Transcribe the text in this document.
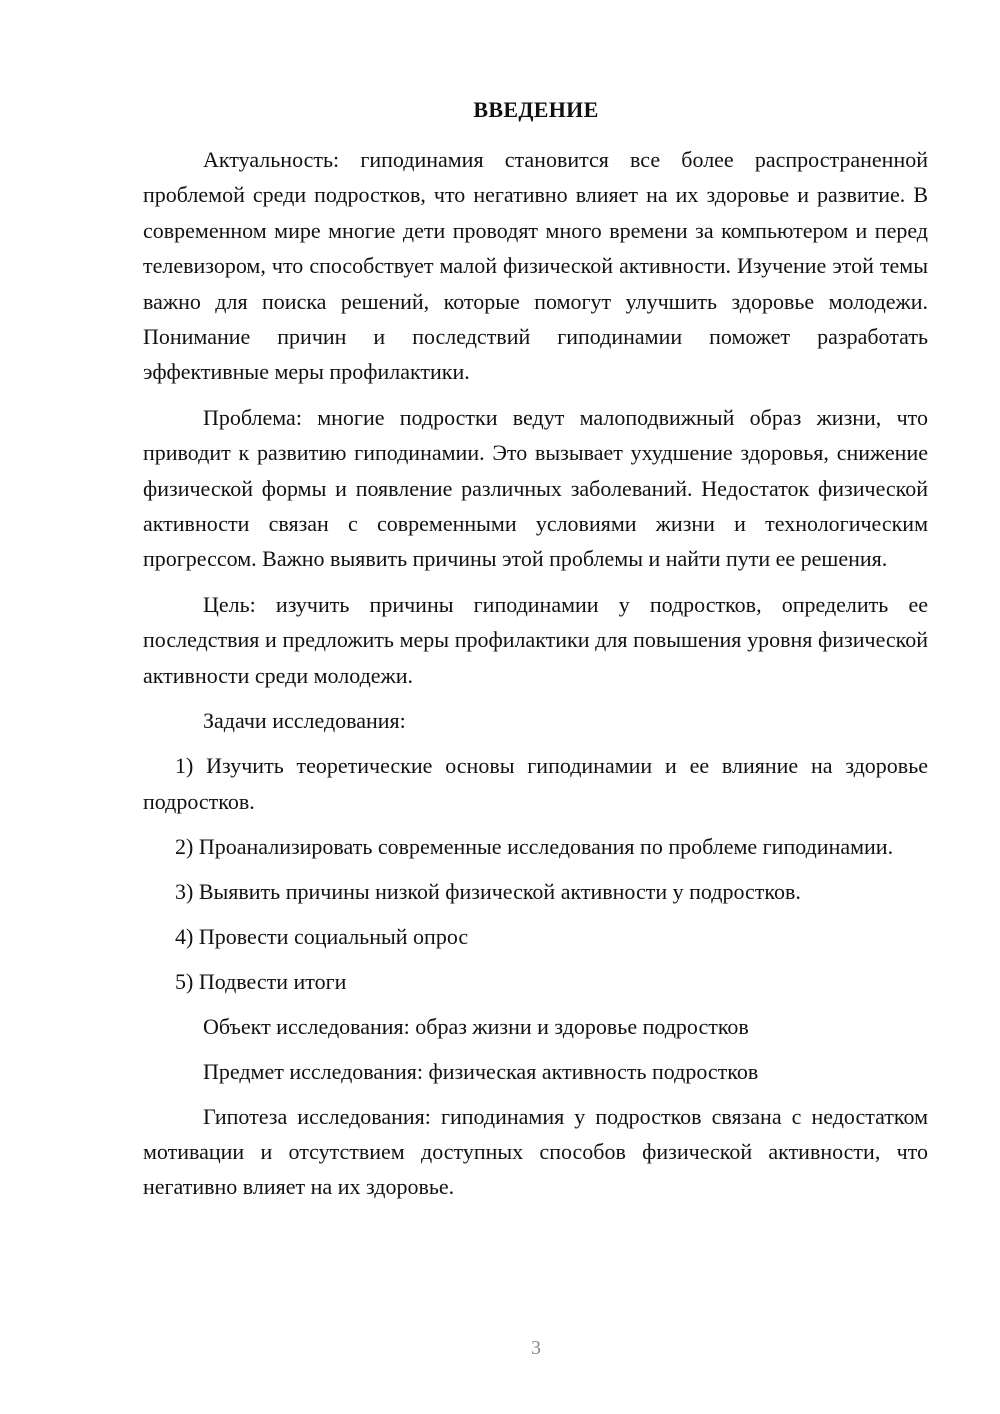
ВВЕДЕНИЕ

Актуальность: гиподинамия становится все более распространенной проблемой среди подростков, что негативно влияет на их здоровье и развитие. В современном мире многие дети проводят много времени за компьютером и перед телевизором, что способствует малой физической активности. Изучение этой темы важно для поиска решений, которые помогут улучшить здоровье молодежи. Понимание причин и последствий гиподинамии поможет разработать эффективные меры профилактики.

Проблема: многие подростки ведут малоподвижный образ жизни, что приводит к развитию гиподинамии. Это вызывает ухудшение здоровья, снижение физической формы и появление различных заболеваний. Недостаток физической активности связан с современными условиями жизни и технологическим прогрессом. Важно выявить причины этой проблемы и найти пути ее решения.

Цель: изучить причины гиподинамии у подростков, определить ее последствия и предложить меры профилактики для повышения уровня физической активности среди молодежи.

Задачи исследования:

1) Изучить теоретические основы гиподинамии и ее влияние на здоровье подростков.

2) Проанализировать современные исследования по проблеме гиподинамии.

3) Выявить причины низкой физической активности у подростков.

4) Провести социальный опрос

5) Подвести итоги

Объект исследования: образ жизни и здоровье подростков

Предмет исследования: физическая активность подростков

Гипотеза исследования: гиподинамия у подростков связана с недостатком мотивации и отсутствием доступных способов физической активности, что негативно влияет на их здоровье.

3
